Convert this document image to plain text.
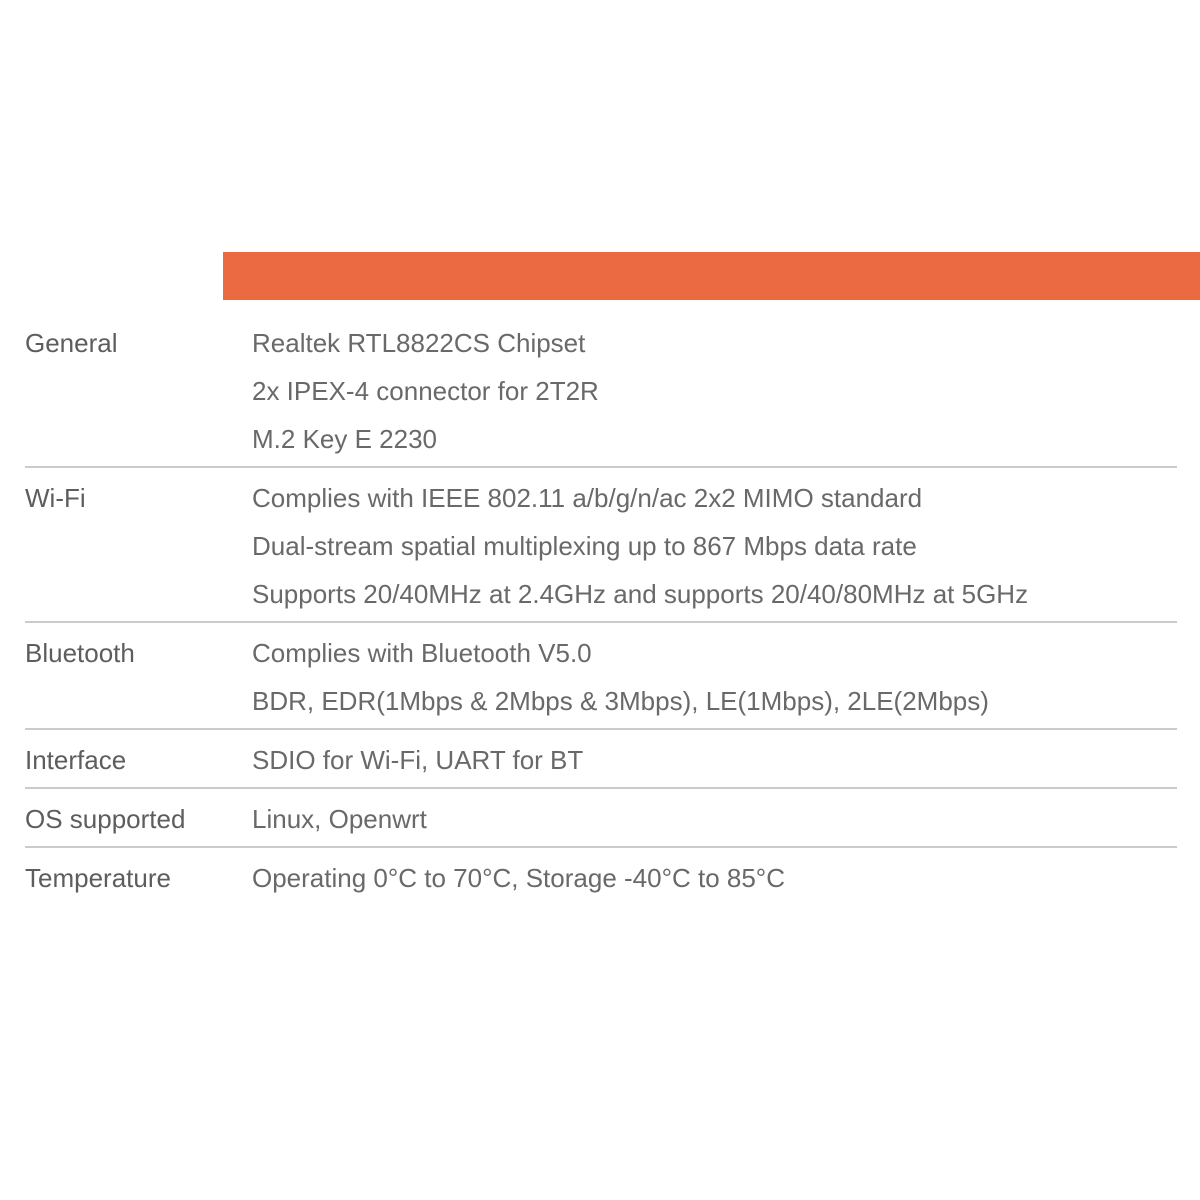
General	Realtek RTL8822CS Chipset
2x IPEX-4 connector for 2T2R
M.2 Key E 2230
Wi-Fi	Complies with IEEE 802.11 a/b/g/n/ac 2x2 MIMO standard
Dual-stream spatial multiplexing up to 867 Mbps data rate
Supports 20/40MHz at 2.4GHz and supports 20/40/80MHz at 5GHz
Bluetooth	Complies with Bluetooth V5.0
BDR, EDR(1Mbps & 2Mbps & 3Mbps), LE(1Mbps), 2LE(2Mbps)
Interface	SDIO for Wi-Fi, UART for BT
OS supported	Linux, Openwrt
Temperature	Operating 0°C to 70°C, Storage -40°C to 85°C
